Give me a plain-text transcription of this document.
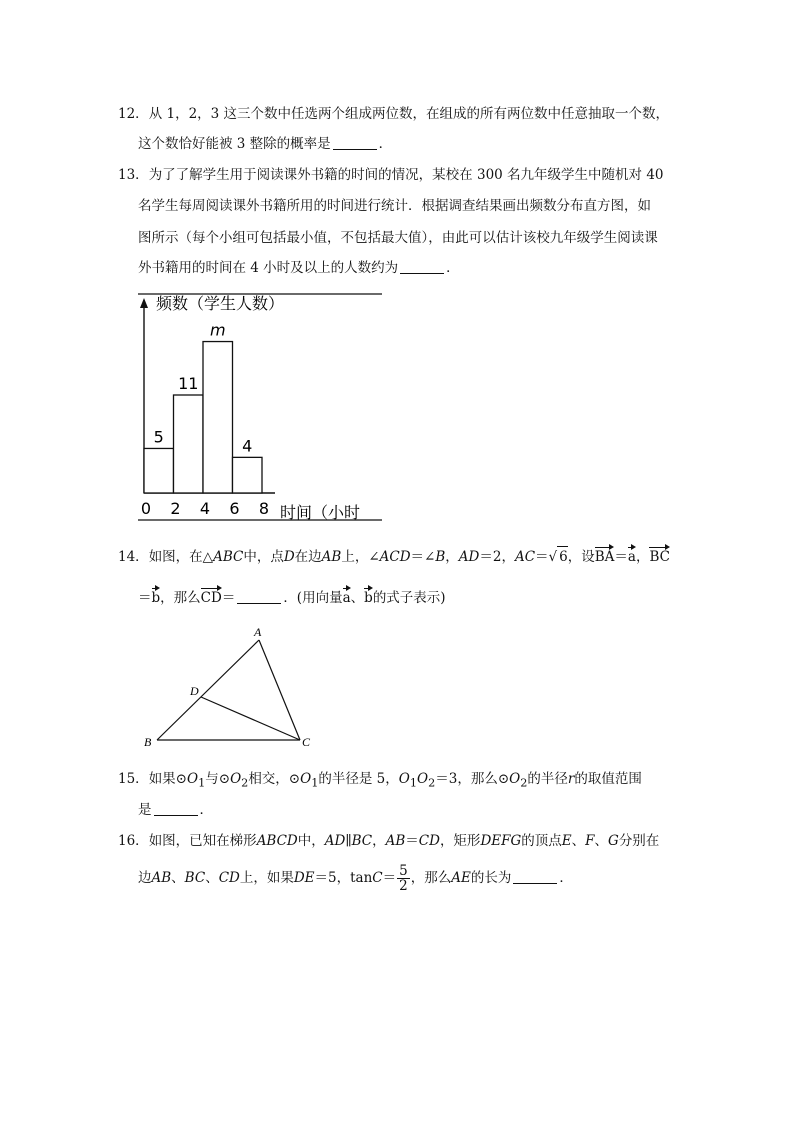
12．从 1，2，3 这三个数中任选两个组成两位数，在组成的所有两位数中任意抽取一个数，
这个数恰好能被 3 整除的概率是	．
13．为了了解学生用于阅读课外书籍的时间的情况，某校在 300 名九年级学生中随机对 40
名学生每周阅读课外书籍所用的时间进行统计．根据调查结果画出频数分布直方图，如
图所示（每个小组可包括最小值，不包括最大值），由此可以估计该校九年级学生阅读课
外书籍用的时间在 4 小时及以上的人数约为	．
频数（学生人数）
时间（小时
5
11
m
4
0 2 4 6 8
14．如图，在△ABC中，点D在边AB上，∠ACD＝∠B，AD＝2，AC＝√ 6，设BA＝a，BC
＝b，那么CD＝	．(用向量a、b的式子表示)
A
B	C
D
15．如果$⊙O_1$与$⊙O_2$相交，$⊙O_1$的半径是 5，$O_1O_2=3$，那么$⊙O_2$的半径r的取值范围
是	．
16．如图，已知在梯形ABCD中，AD∥BC，AB＝CD，矩形DEFG的顶点E、F、G分别在
边AB、BC、CD上，如果DE＝5，$\tan C= \frac{5}{2}$ ，那么AE的长为	．
